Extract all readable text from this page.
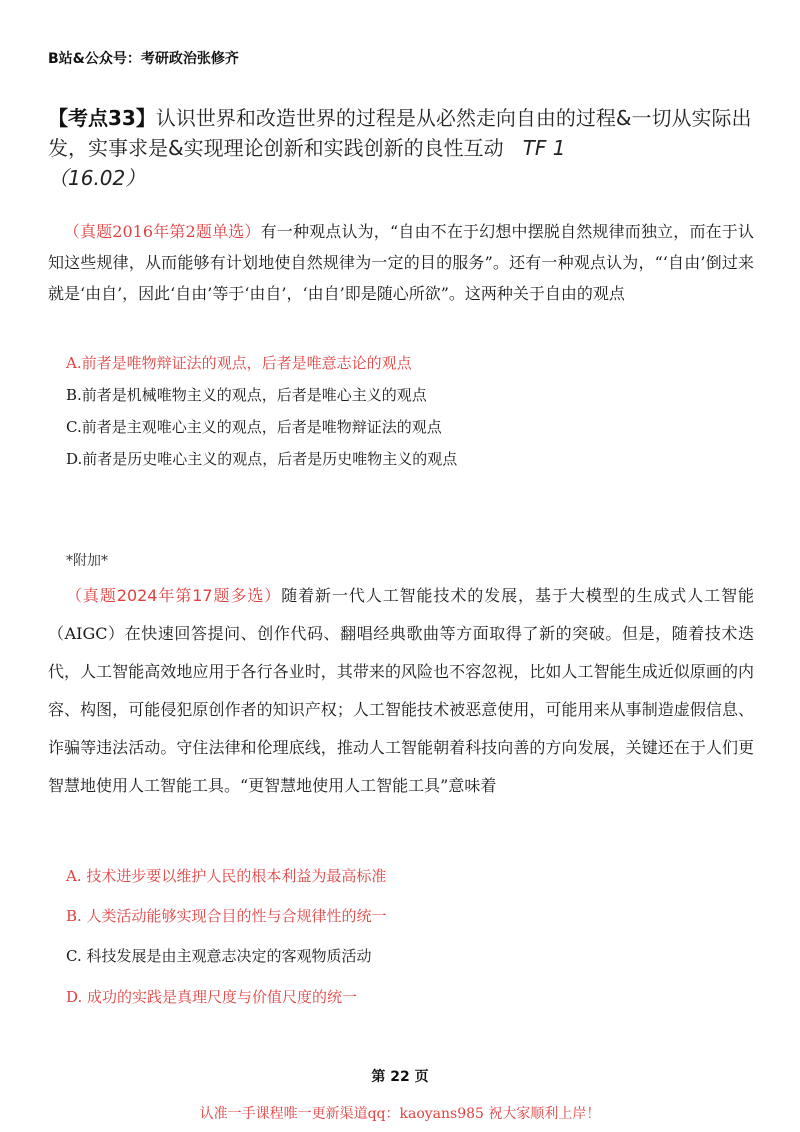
B站&公众号：考研政治张修齐
【考点33】认识世界和改造世界的过程是从必然走向自由的过程&一切从实际出发，实事求是&实现理论创新和实践创新的良性互动 TF 1
（16.02）
（真题2016年第2题单选）有一种观点认为，“自由不在于幻想中摆脱自然规律而独立，而在于认知这些规律，从而能够有计划地使自然规律为一定的目的服务”。还有一种观点认为，“‘自由’倒过来就是‘由自’，因此‘自由’等于‘由自’，‘由自’即是随心所欲”。这两种关于自由的观点
A.前者是唯物辩证法的观点，后者是唯意志论的观点
B.前者是机械唯物主义的观点，后者是唯心主义的观点
C.前者是主观唯心主义的观点，后者是唯物辩证法的观点
D.前者是历史唯心主义的观点，后者是历史唯物主义的观点
*附加*
（真题2024年第17题多选）随着新一代人工智能技术的发展，基于大模型的生成式人工智能（AIGC）在快速回答提问、创作代码、翻唱经典歌曲等方面取得了新的突破。但是，随着技术迭代，人工智能高效地应用于各行各业时，其带来的风险也不容忽视，比如人工智能生成近似原画的内容、构图，可能侵犯原创作者的知识产权；人工智能技术被恶意使用，可能用来从事制造虚假信息、诈骗等违法活动。守住法律和伦理底线，推动人工智能朝着科技向善的方向发展，关键还在于人们更智慧地使用人工智能工具。“更智慧地使用人工智能工具”意味着
A. 技术进步要以维护人民的根本利益为最高标准
B. 人类活动能够实现合目的性与合规律性的统一
C. 科技发展是由主观意志决定的客观物质活动
D. 成功的实践是真理尺度与价值尺度的统一
第 22 页
认准一手课程唯一更新渠道qq：kaoyans985 祝大家顺利上岸！
